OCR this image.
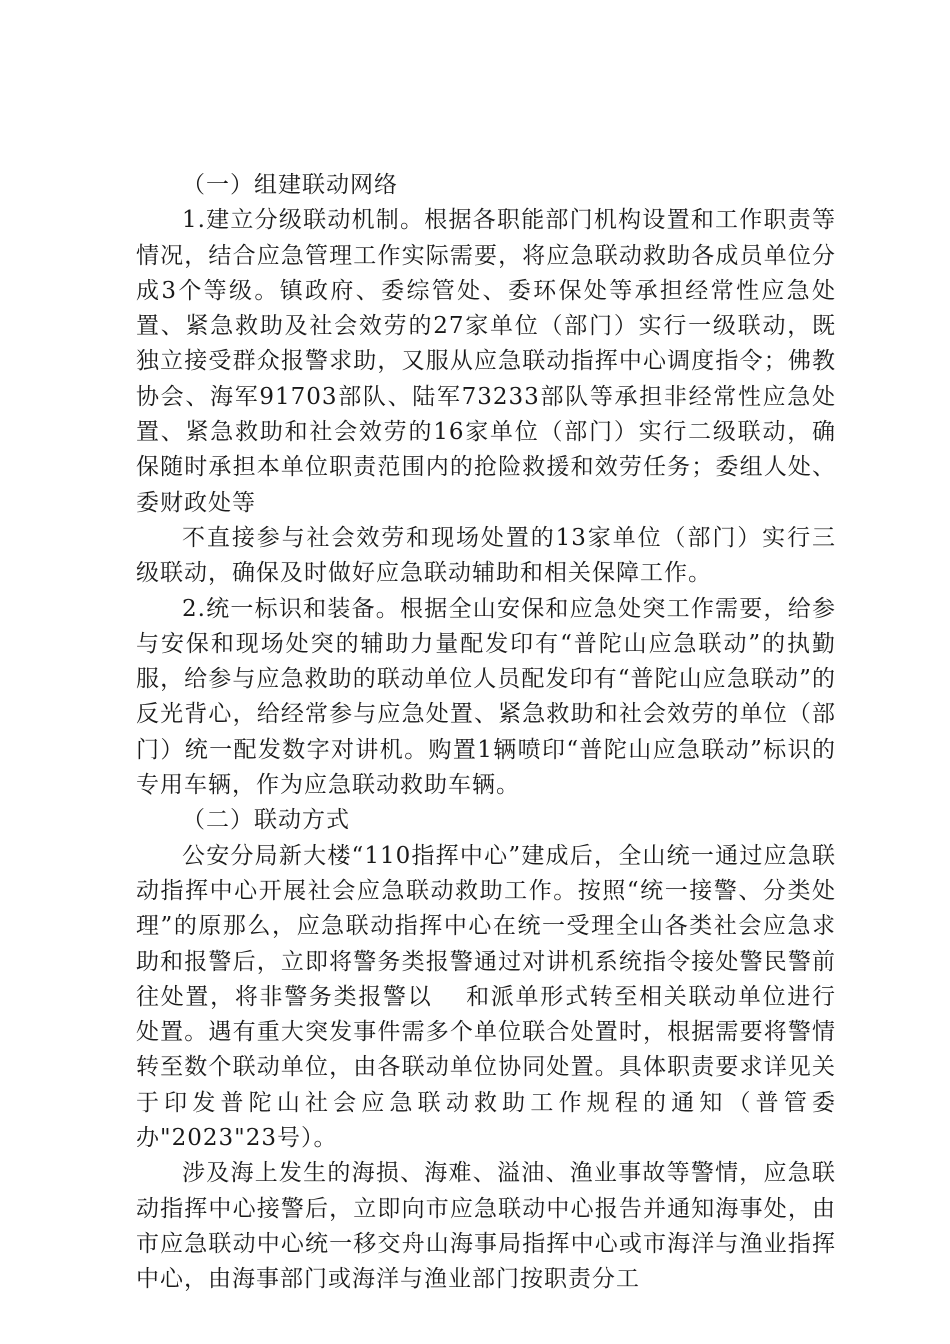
（一）组建联动网络

1.建立分级联动机制。根据各职能部门机构设置和工作职责等情况，结合应急管理工作实际需要，将应急联动救助各成员单位分成3个等级。镇政府、委综管处、委环保处等承担经常性应急处置、紧急救助及社会效劳的27家单位（部门）实行一级联动，既独立接受群众报警求助，又服从应急联动指挥中心调度指令；佛教协会、海军91703部队、陆军73233部队等承担非经常性应急处置、紧急救助和社会效劳的16家单位（部门）实行二级联动，确保随时承担本单位职责范围内的抢险救援和效劳任务；委组人处、委财政处等

不直接参与社会效劳和现场处置的13家单位（部门）实行三级联动，确保及时做好应急联动辅助和相关保障工作。

2.统一标识和装备。根据全山安保和应急处突工作需要，给参与安保和现场处突的辅助力量配发印有“普陀山应急联动”的执勤服，给参与应急救助的联动单位人员配发印有“普陀山应急联动”的反光背心，给经常参与应急处置、紧急救助和社会效劳的单位（部门）统一配发数字对讲机。购置1辆喷印“普陀山应急联动”标识的专用车辆，作为应急联动救助车辆。

（二）联动方式

公安分局新大楼“110指挥中心”建成后，全山统一通过应急联动指挥中心开展社会应急联动救助工作。按照“统一接警、分类处理”的原那么，应急联动指挥中心在统一受理全山各类社会应急求助和报警后，立即将警务类报警通过对讲机系统指令接处警民警前往处置，将非警务类报警以　 和派单形式转至相关联动单位进行处置。遇有重大突发事件需多个单位联合处置时，根据需要将警情转至数个联动单位，由各联动单位协同处置。具体职责要求详见关于印发普陀山社会应急联动救助工作规程的通知（普管委办"2023"23号）。

涉及海上发生的海损、海难、溢油、渔业事故等警情，应急联动指挥中心接警后，立即向市应急联动中心报告并通知海事处，由市应急联动中心统一移交舟山海事局指挥中心或市海洋与渔业指挥中心，由海事部门或海洋与渔业部门按职责分工
